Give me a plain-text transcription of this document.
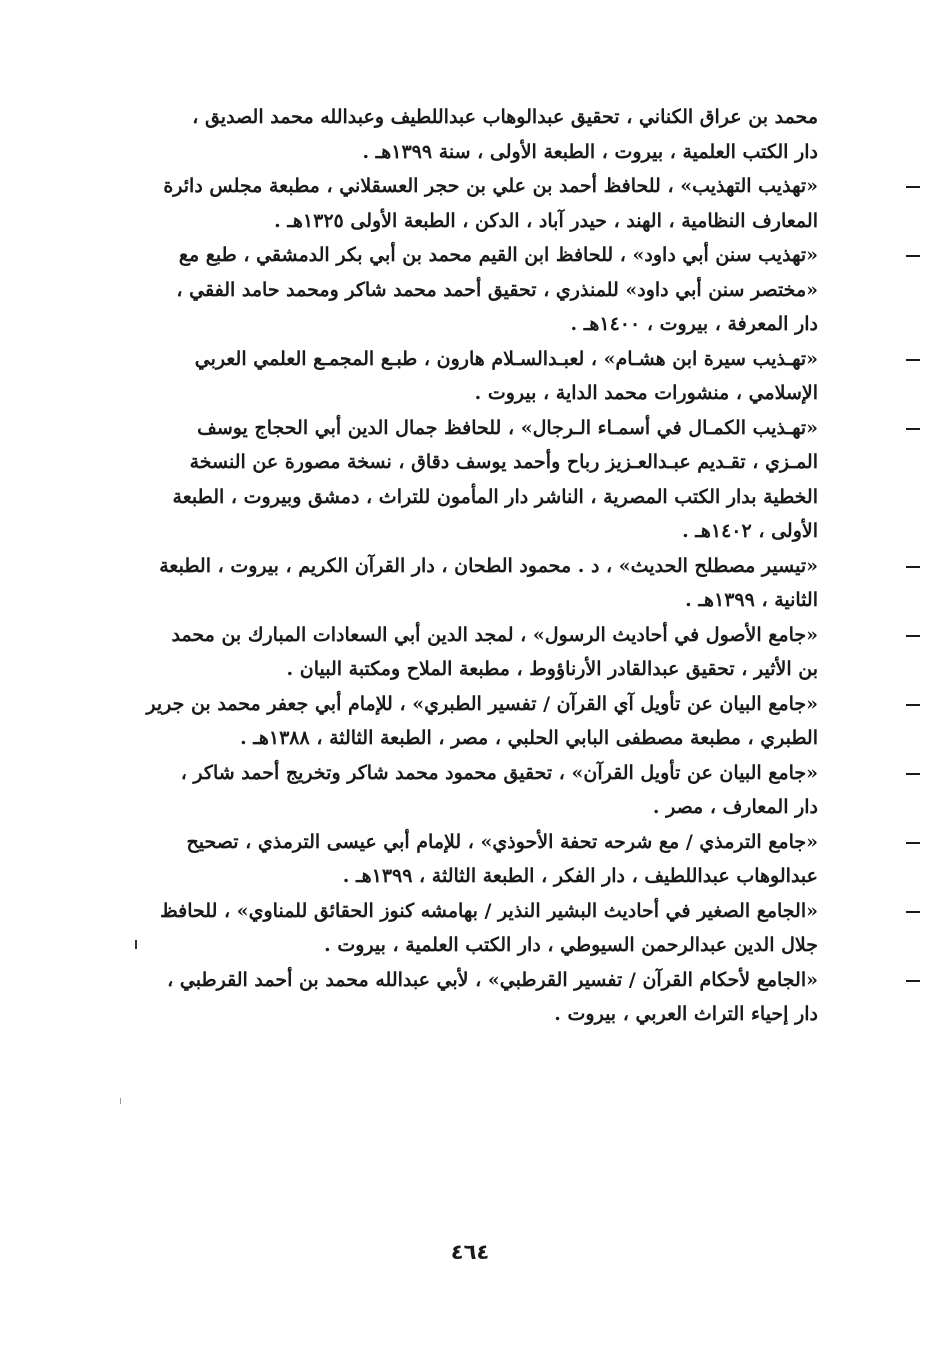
محمد بن عراق الكناني ، تحقيق عبدالوهاب عبداللطيف وعبدالله محمد الصديق ،
دار الكتب العلمية ، بيروت ، الطبعة الأولى ، سنة ١٣٩٩هـ .
«تهذيب التهذيب» ، للحافظ أحمد بن علي بن حجر العسقلاني ، مطبعة مجلس دائرة
المعارف النظامية ، الهند ، حيدر آباد ، الدكن ، الطبعة الأولى ١٣٢٥هـ .
«تهذيب سنن أبي داود» ، للحافظ ابن القيم محمد بن أبي بكر الدمشقي ، طبع مع
«مختصر سنن أبي داود» للمنذري ، تحقيق أحمد محمد شاكر ومحمد حامد الفقي ،
دار المعرفة ، بيروت ، ١٤٠٠هـ .
«تهـذيب سيرة ابن هشـام» ، لعبـدالسـلام هارون ، طبـع المجمـع العلمي العربي
الإسلامي ، منشورات محمد الداية ، بيروت .
«تهـذيب الكمـال في أسمـاء الـرجال» ، للحافظ جمال الدين أبي الحجاج يوسف
المـزي ، تقـديم عبـدالعـزيز رباح وأحمد يوسف دقاق ، نسخة مصورة عن النسخة
الخطية بدار الكتب المصرية ، الناشر دار المأمون للتراث ، دمشق وبيروت ، الطبعة
الأولى ، ١٤٠٢هـ .
«تيسير مصطلح الحديث» ، د . محمود الطحان ، دار القرآن الكريم ، بيروت ، الطبعة
الثانية ، ١٣٩٩هـ .
«جامع الأصول في أحاديث الرسول» ، لمجد الدين أبي السعادات المبارك بن محمد
بن الأثير ، تحقيق عبدالقادر الأرناؤوط ، مطبعة الملاح ومكتبة البيان .
«جامع البيان عن تأويل آي القرآن / تفسير الطبري» ، للإمام أبي جعفر محمد بن جرير
الطبري ، مطبعة مصطفى البابي الحلبي ، مصر ، الطبعة الثالثة ، ١٣٨٨هـ .
«جامع البيان عن تأويل القرآن» ، تحقيق محمود محمد شاكر وتخريج أحمد شاكر ،
دار المعارف ، مصر .
«جامع الترمذي / مع شرحه تحفة الأحوذي» ، للإمام أبي عيسى الترمذي ، تصحيح
عبدالوهاب عبداللطيف ، دار الفكر ، الطبعة الثالثة ، ١٣٩٩هـ .
«الجامع الصغير في أحاديث البشير النذير / بهامشه كنوز الحقائق للمناوي» ، للحافظ
جلال الدين عبدالرحمن السيوطي ، دار الكتب العلمية ، بيروت .
«الجامع لأحكام القرآن / تفسير القرطبي» ، لأبي عبدالله محمد بن أحمد القرطبي ،
دار إحياء التراث العربي ، بيروت .
٤٦٤
